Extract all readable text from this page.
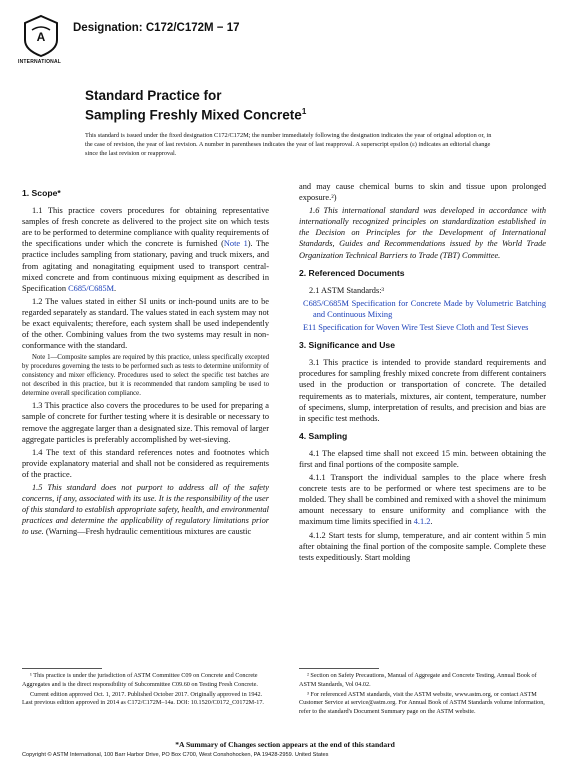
A
INTERNATIONAL
Designation: C172/C172M − 17
Standard Practice for
Sampling Freshly Mixed Concrete$^1$
This standard is issued under the fixed designation C172/C172M; the number immediately following the designation indicates the year of original adoption or, in the case of revision, the year of last revision. A number in parentheses indicates the year of last reapproval. A superscript epsilon (ε) indicates an editorial change since the last revision or reapproval.
1. Scope*

1.1 This practice covers procedures for obtaining representative samples of fresh concrete as delivered to the project site on which tests are to be performed to determine compliance with quality requirements of the specifications under which the concrete is furnished (Note 1). The practice includes sampling from stationary, paving and truck mixers, and from agitating and nonagitating equipment used to transport central-mixed concrete and from continuous mixing equipment as described in Specification C685/C685M.

1.2 The values stated in either SI units or inch-pound units are to be regarded separately as standard. The values stated in each system may not be exact equivalents; therefore, each system shall be used independently of the other. Combining values from the two systems may result in non-conformance with the standard.

Note 1—Composite samples are required by this practice, unless specifically excepted by procedures governing the tests to be performed such as tests to determine uniformity of consistency and mixer efficiency. Procedures used to select the specific test batches are not described in this practice, but it is recommended that random sampling be used to determine overall specification compliance.

1.3 This practice also covers the procedures to be used for preparing a sample of concrete for further testing where it is desirable or necessary to remove the aggregate larger than a designated size. This removal of larger aggregate particles is preferably accomplished by wet-sieving.

1.4 The text of this standard references notes and footnotes which provide explanatory material and shall not be considered as requirements of the practice.

1.5 This standard does not purport to address all of the safety concerns, if any, associated with its use. It is the responsibility of the user of this standard to establish appropriate safety, health, and environmental practices and determine the applicability of regulatory limitations prior to use. (Warning—Fresh hydraulic cementitious mixtures are caustic

and may cause chemical burns to skin and tissue upon prolonged exposure.²)

1.6 This international standard was developed in accordance with internationally recognized principles on standardization established in the Decision on Principles for the Development of International Standards, Guides and Recommendations issued by the World Trade Organization Technical Barriers to Trade (TBT) Committee.

2. Referenced Documents

2.1 ASTM Standards:³

C685/C685M Specification for Concrete Made by Volumetric Batching and Continuous Mixing
E11 Specification for Woven Wire Test Sieve Cloth and Test Sieves
3. Significance and Use

3.1 This practice is intended to provide standard requirements and procedures for sampling freshly mixed concrete from different containers used in the production or transportation of concrete. The detailed requirements as to materials, mixtures, air content, temperature, number of specimens, slump, interpretation of results, and precision and bias are in specific test methods.

4. Sampling

4.1 The elapsed time shall not exceed 15 min. between obtaining the first and final portions of the composite sample.

4.1.1 Transport the individual samples to the place where fresh concrete tests are to be performed or where test specimens are to be molded. They shall be combined and remixed with a shovel the minimum amount necessary to ensure uniformity and compliance with the maximum time limits specified in 4.1.2.

4.1.2 Start tests for slump, temperature, and air content within 5 min after obtaining the final portion of the composite sample. Complete these tests expeditiously. Start molding

¹ This practice is under the jurisdiction of ASTM Committee C09 on Concrete and Concrete Aggregates and is the direct responsibility of Subcommittee C09.60 on Testing Fresh Concrete.

Current edition approved Oct. 1, 2017. Published October 2017. Originally approved in 1942. Last previous edition approved in 2014 as C172/C172M–14a. DOI: 10.1520/C0172_C0172M-17.

² Section on Safety Precautions, Manual of Aggregate and Concrete Testing, Annual Book of ASTM Standards, Vol 04.02.

³ For referenced ASTM standards, visit the ASTM website, www.astm.org, or contact ASTM Customer Service at service@astm.org. For Annual Book of ASTM Standards volume information, refer to the standard's Document Summary page on the ASTM website.

*A Summary of Changes section appears at the end of this standard
Copyright © ASTM International, 100 Barr Harbor Drive, PO Box C700, West Conshohocken, PA 19428-2959. United States
